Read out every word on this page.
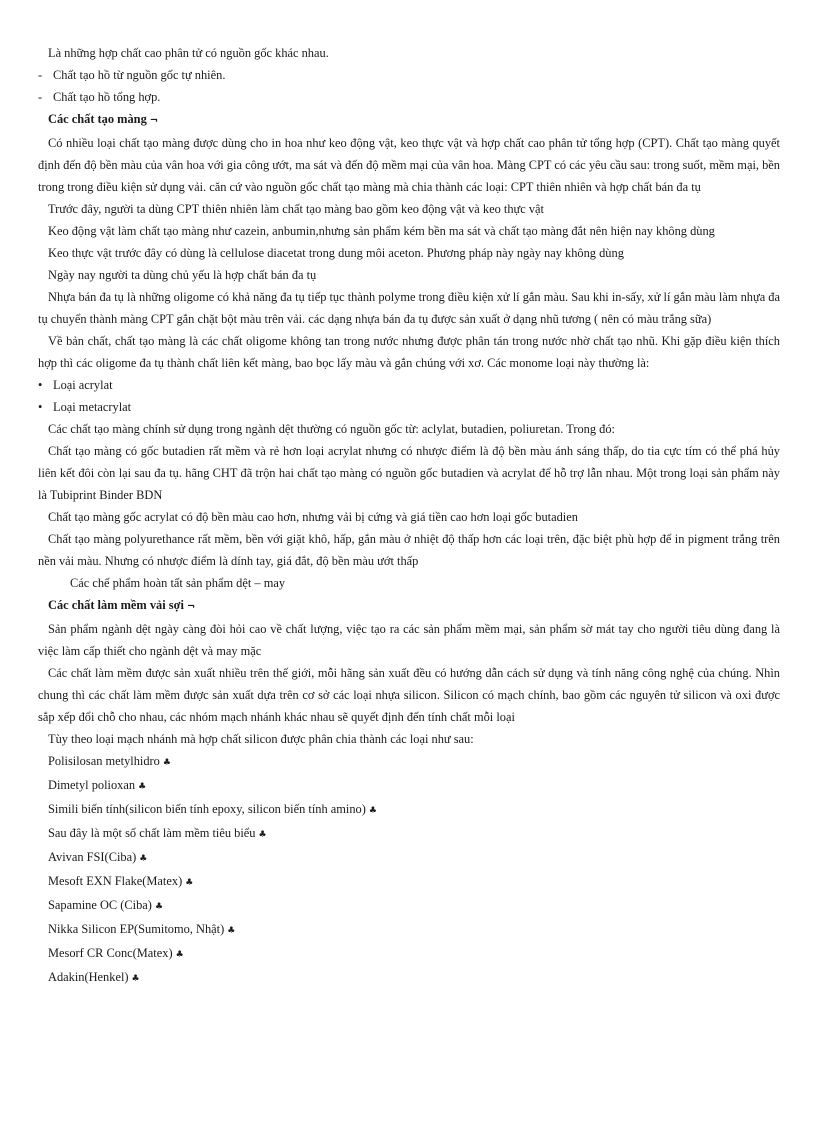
Là những hợp chất cao phân tử có nguồn gốc khác nhau.

- Chất tạo hồ từ nguồn gốc tự nhiên.
- Chất tạo hồ tổng hợp.

Các chất tạo màng ¬

Có nhiều loại chất tạo màng được dùng cho in hoa như keo động vật, keo thực vật và hợp chất cao phân tử tổng hợp (CPT). Chất tạo màng quyết định đến độ bền màu của vân hoa với gia công ướt, ma sát và đến độ mềm mại của vân hoa. Màng CPT có các yêu cầu sau: trong suốt, mềm mại, bền trong trong điều kiện sử dụng vải. căn cứ vào nguồn gốc chất tạo màng mà chia thành các loại: CPT thiên nhiên và hợp chất bán đa tụ

Trước đây, người ta dùng CPT thiên nhiên làm chất tạo màng bao gồm keo động vật và keo thực vật

Keo động vật làm chất tạo màng như cazein, anbumin,nhưng sản phẩm kém bền ma sát và chất tạo màng đắt nên hiện nay không dùng

Keo thực vật trước đây có dùng là cellulose diacetat trong dung môi aceton. Phương pháp này ngày nay không dùng

Ngày nay người ta dùng chủ yếu là hợp chất bán đa tụ

Nhựa bán đa tụ là những oligome có khả năng đa tụ tiếp tục thành polyme trong điều kiện xử lí gắn màu. Sau khi in-sấy, xử lí gắn màu làm nhựa đa tụ chuyển thành màng CPT gắn chặt bột màu trên vải. các dạng nhựa bán đa tụ được sản xuất ở dạng nhũ tương ( nên có màu trắng sữa)

Về bản chất, chất tạo màng là các chất oligome không tan trong nước nhưng được phân tán trong nước nhờ chất tạo nhũ. Khi gặp điều kiện thích hợp thì các oligome đa tụ thành chất liên kết màng, bao bọc lấy màu và gắn chúng với xơ. Các monome loại này thường là:

• Loại acrylat
• Loại metacrylat

Các chất tạo màng chính sử dụng trong ngành dệt thường có nguồn gốc từ: aclylat, butadien, poliuretan. Trong đó:

Chất tạo màng có gốc butadien rất mềm và rẻ hơn loại acrylat nhưng có nhược điểm là độ bền màu ánh sáng thấp, do tia cực tím có thể phá hủy liên kết đôi còn lại sau đa tụ. hãng CHT đã trộn hai chất tạo màng có nguồn gốc butadien và acrylat để hỗ trợ lẫn nhau. Một trong loại sản phẩm này là Tubiprint Binder BDN

Chất tạo màng gốc acrylat có độ bền màu cao hơn, nhưng vải bị cứng và giá tiền cao hơn loại gốc butadien

Chất tạo màng polyurethance rất mềm, bền với giặt khô, hấp, gắn màu ở nhiệt độ thấp hơn các loại trên, đặc biệt phù hợp để in pigment trắng trên nền vải màu. Nhưng có nhược điểm là dính tay, giá đắt, độ bền màu ướt thấp

Các chế phẩm hoàn tất sản phẩm dệt – may

Các chất làm mềm vải sợi ¬

Sản phẩm ngành dệt ngày càng đòi hỏi cao về chất lượng, việc tạo ra các sản phẩm mềm mại, sản phẩm sờ mát tay cho người tiêu dùng đang là việc làm cấp thiết cho ngành dệt và may mặc

Các chất làm mềm được sản xuất nhiều trên thế giới, mỗi hãng sản xuất đều có hướng dẫn cách sử dụng và tính năng công nghệ của chúng. Nhìn chung thì các chất làm mềm được sản xuất dựa trên cơ sở các loại nhựa silicon. Silicon có mạch chính, bao gồm các nguyên tử silicon và oxi được sắp xếp đổi chỗ cho nhau, các nhóm mạch nhánh khác nhau sẽ quyết định đến tính chất mỗi loại

Tùy theo loại mạch nhánh mà hợp chất silicon được phân chia thành các loại như sau:

Polisilosan metylhidro ♣

Dimetyl polioxan ♣

Simili biến tính(silicon biến tính epoxy, silicon biến tính amino) ♣

Sau đây là một số chất làm mềm tiêu biểu ♣

Avivan FSI(Ciba) ♣

Mesoft EXN Flake(Matex) ♣

Sapamine OC (Ciba) ♣

Nikka Silicon EP(Sumitomo, Nhật) ♣

Mesorf CR Conc(Matex) ♣

Adakin(Henkel) ♣
